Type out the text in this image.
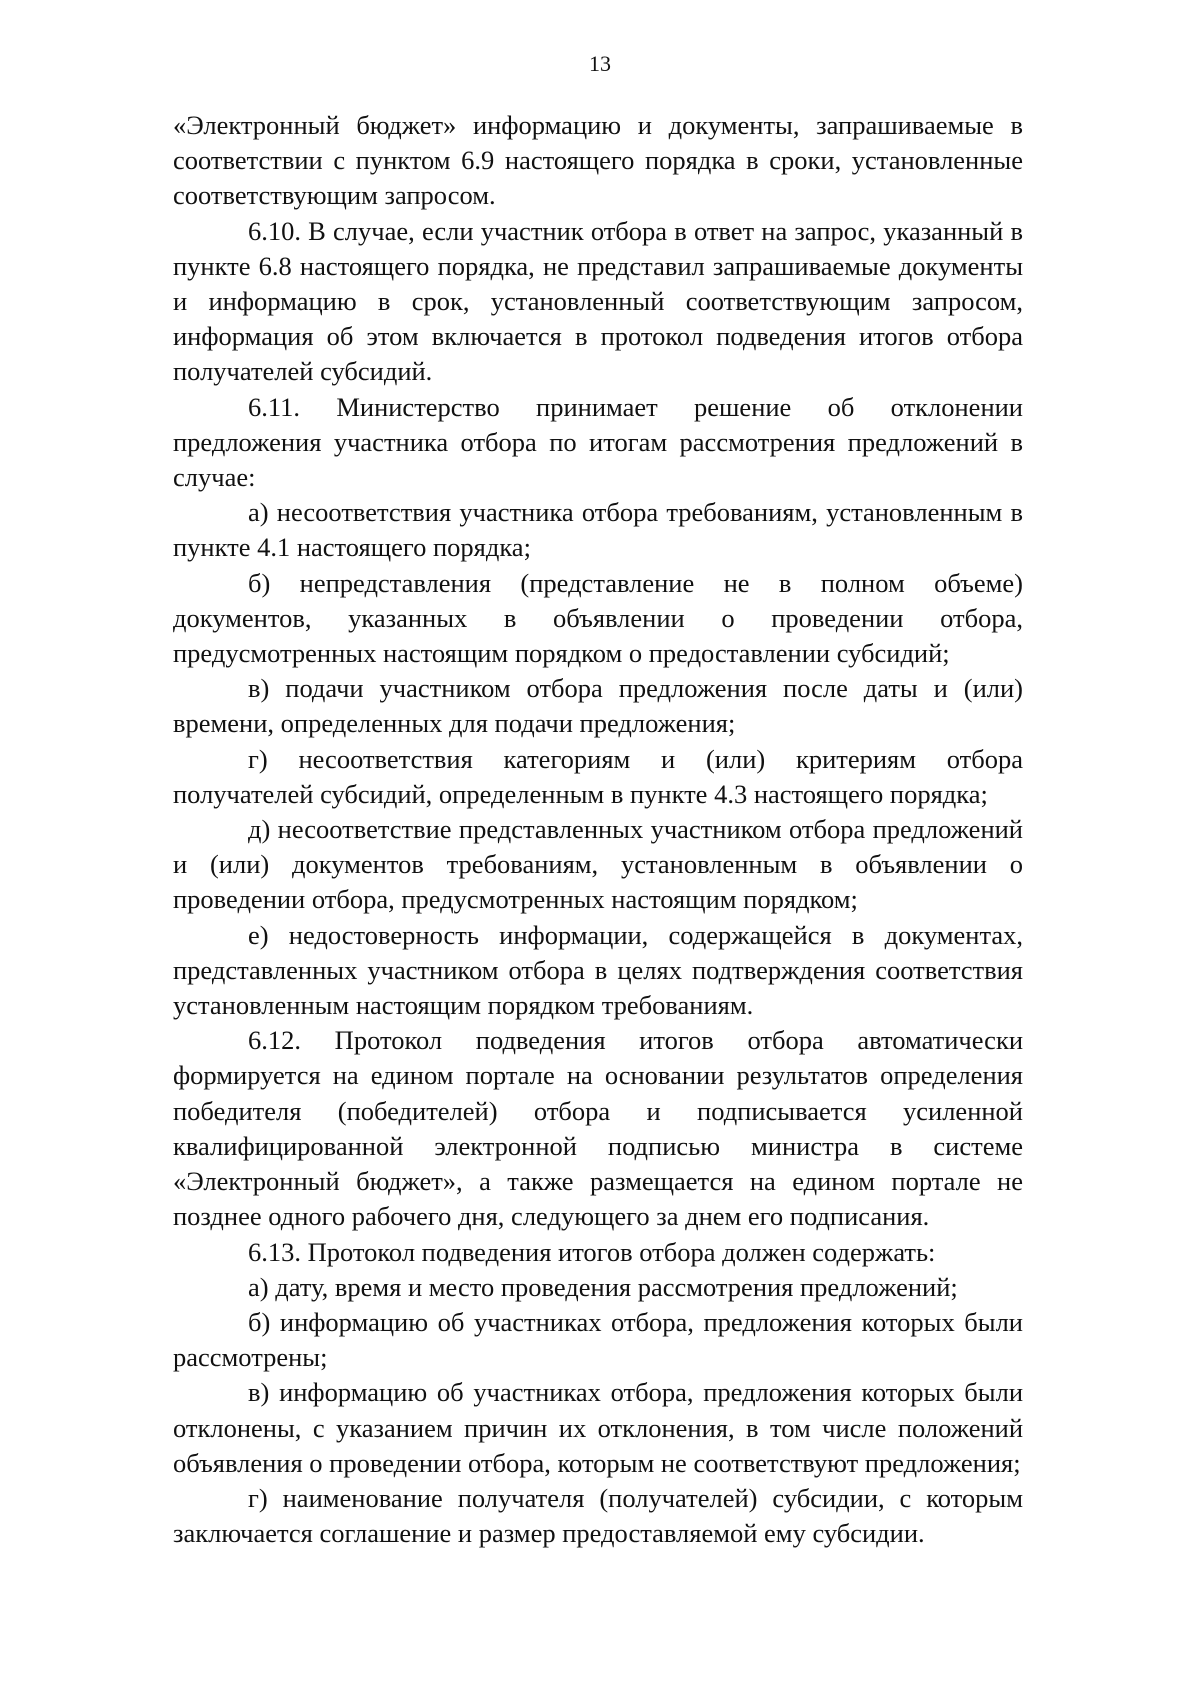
13

«Электронный бюджет» информацию и документы, запрашиваемые в соответствии с пунктом 6.9 настоящего порядка в сроки, установленные соответствующим запросом.

6.10. В случае, если участник отбора в ответ на запрос, указанный в пункте 6.8 настоящего порядка, не представил запрашиваемые документы и информацию в срок, установленный соответствующим запросом, информация об этом включается в протокол подведения итогов отбора получателей субсидий.

6.11. Министерство принимает решение об отклонении предложения участника отбора по итогам рассмотрения предложений в случае:

а) несоответствия участника отбора требованиям, установленным в пункте 4.1 настоящего порядка;

б) непредставления (представление не в полном объеме) документов, указанных в объявлении о проведении отбора, предусмотренных настоящим порядком о предоставлении субсидий;

в) подачи участником отбора предложения после даты и (или) времени, определенных для подачи предложения;

г) несоответствия категориям и (или) критериям отбора получателей субсидий, определенным в пункте 4.3 настоящего порядка;

д) несоответствие представленных участником отбора предложений и (или) документов требованиям, установленным в объявлении о проведении отбора, предусмотренных настоящим порядком;

е) недостоверность информации, содержащейся в документах, представленных участником отбора в целях подтверждения соответствия установленным настоящим порядком требованиям.

6.12. Протокол подведения итогов отбора автоматически формируется на едином портале на основании результатов определения победителя (победителей) отбора и подписывается усиленной квалифицированной электронной подписью министра в системе «Электронный бюджет», а также размещается на едином портале не позднее одного рабочего дня, следующего за днем его подписания.

6.13. Протокол подведения итогов отбора должен содержать:

а) дату, время и место проведения рассмотрения предложений;

б) информацию об участниках отбора, предложения которых были рассмотрены;

в) информацию об участниках отбора, предложения которых были отклонены, с указанием причин их отклонения, в том числе положений объявления о проведении отбора, которым не соответствуют предложения;

г) наименование получателя (получателей) субсидии, с которым заключается соглашение и размер предоставляемой ему субсидии.
